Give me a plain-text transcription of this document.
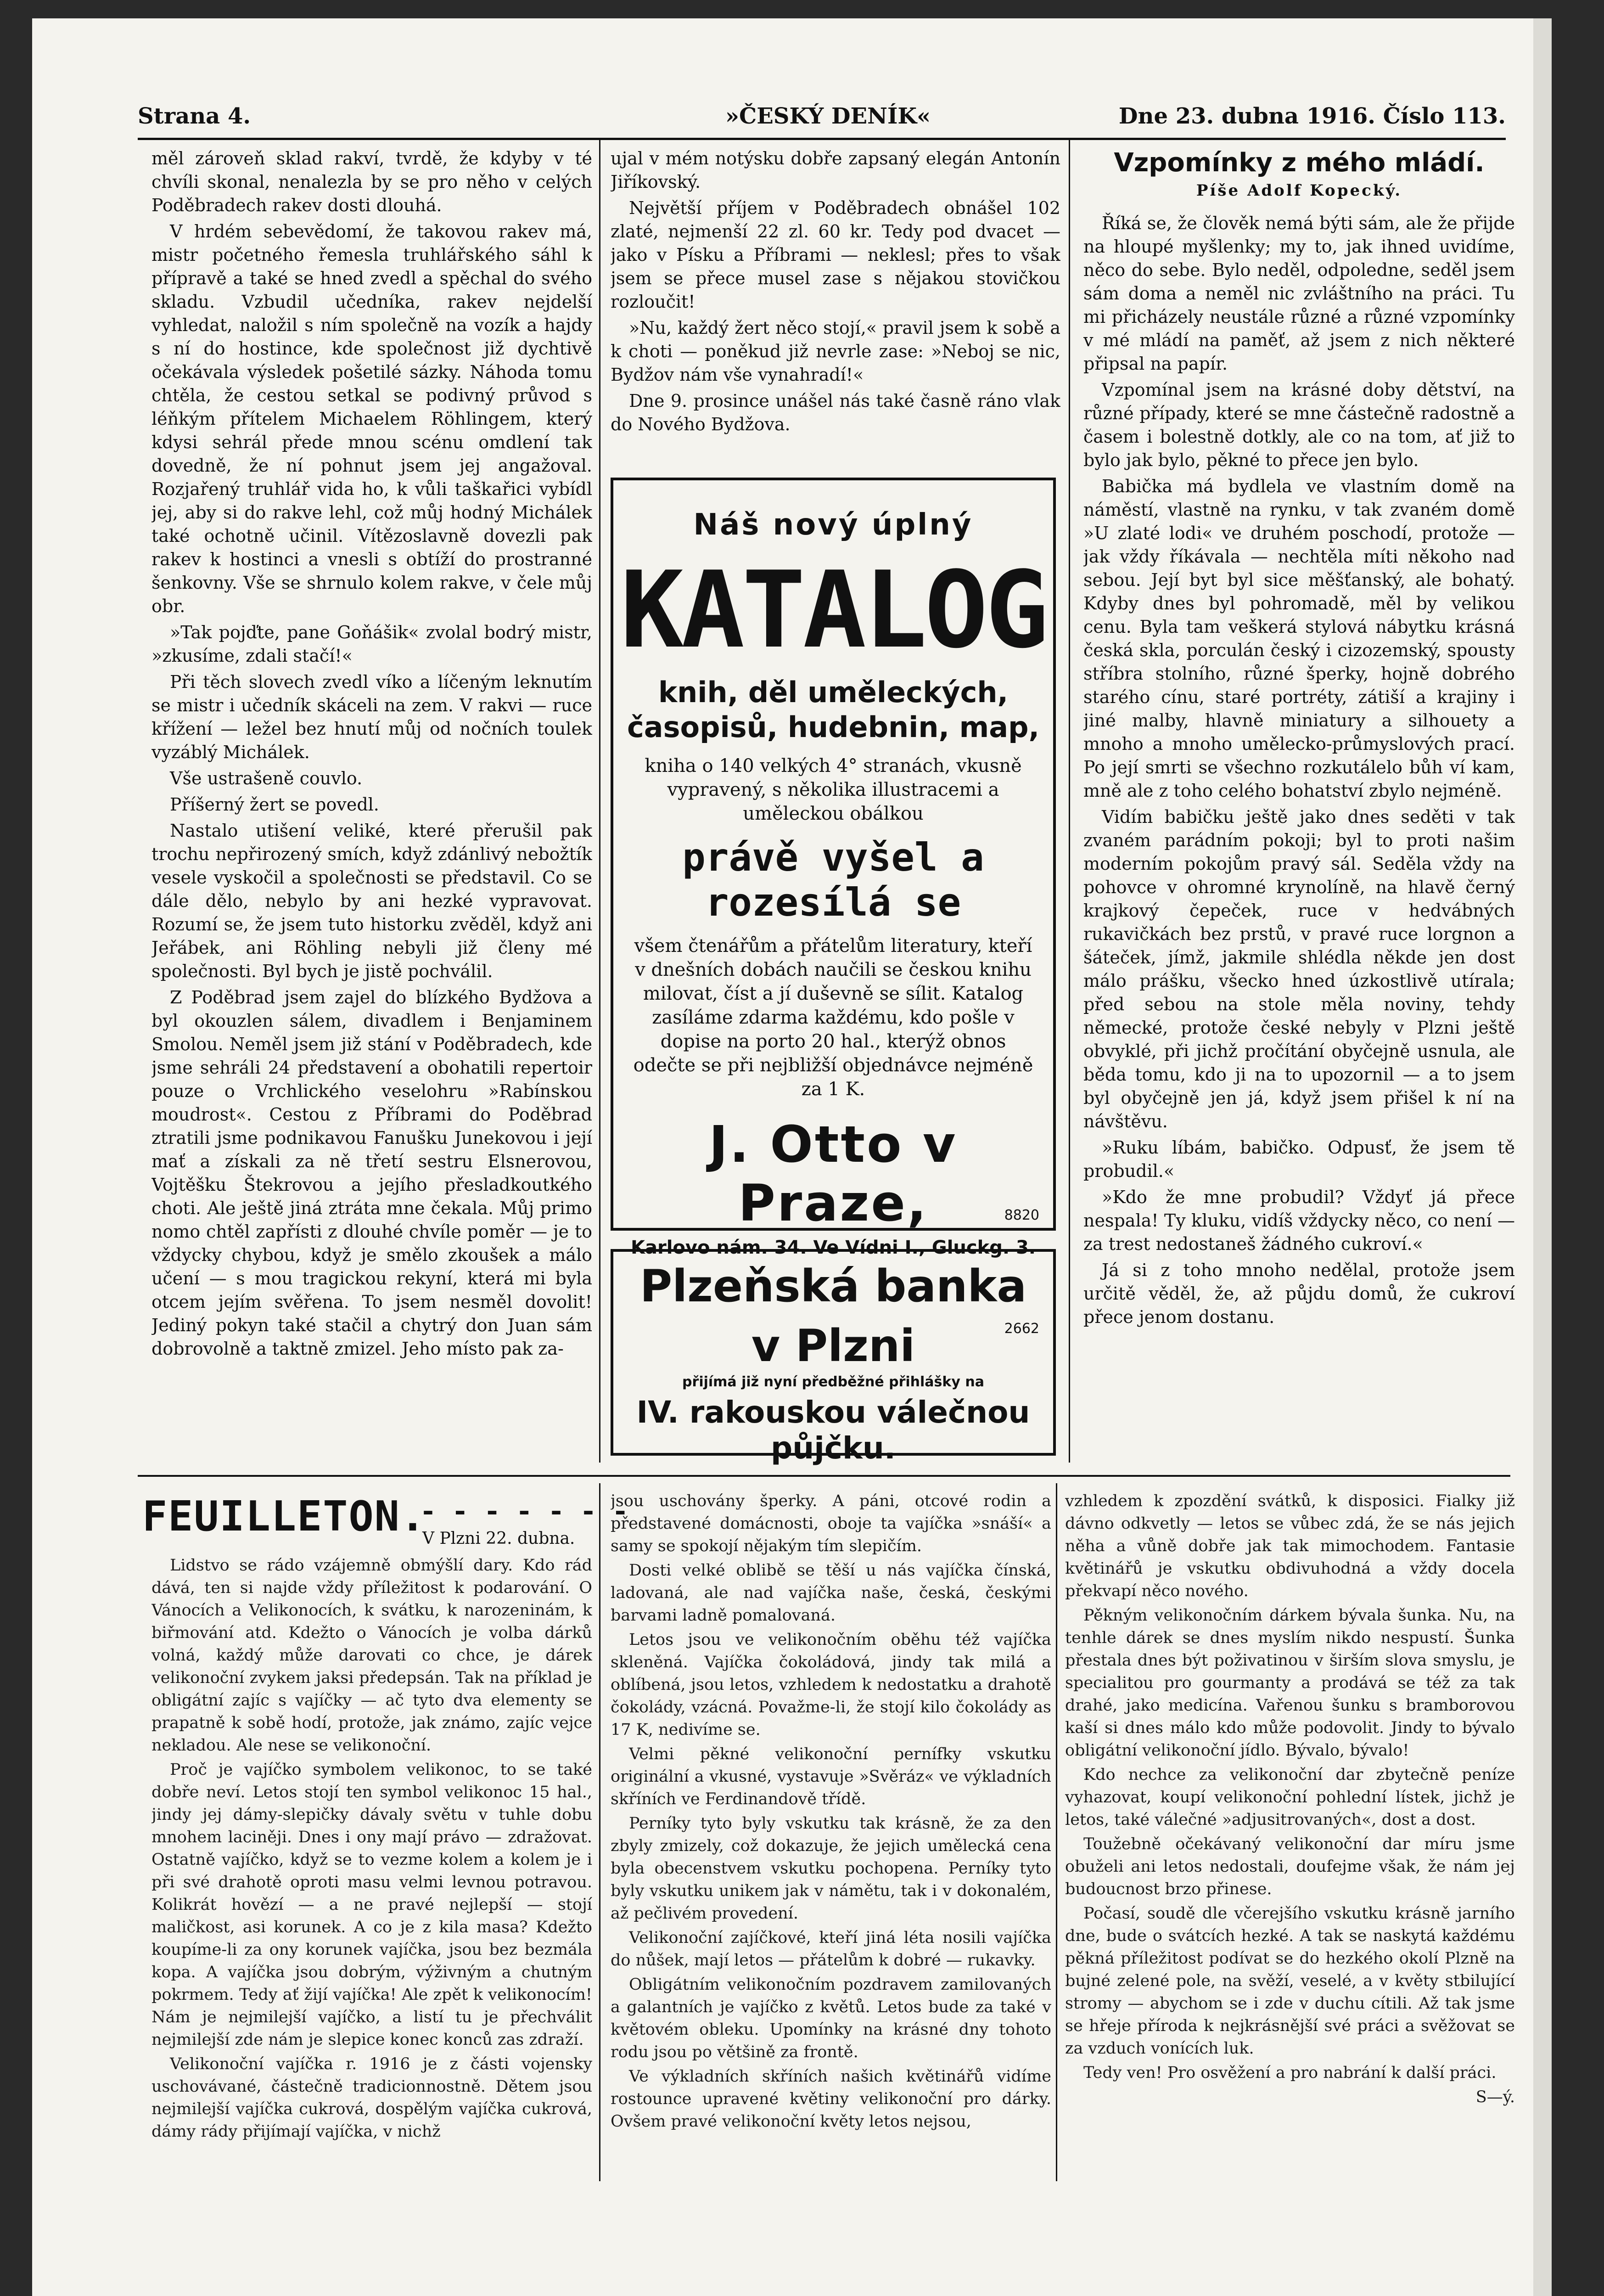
Strana 4.	»ČESKÝ DENÍK«	Dne 23. dubna 1916. Číslo 113.

měl zároveň sklad rakví, tvrdě, že kdyby v té chvíli skonal, nenalezla by se pro něho v celých Poděbradech rakev dosti dlouhá.

V hrdém sebevědomí, že takovou rakev má, mistr početného řemesla truhlářského sáhl k přípravě a také se hned zvedl a spěchal do svého skladu. Vzbudil učedníka, rakev nejdelší vyhledat, naložil s ním společně na vozík a hajdy s ní do hostince, kde společnost již dychtivě očekávala výsledek pošetilé sázky. Náhoda tomu chtěla, že cestou setkal se podivný průvod s léňkým přítelem Michaelem Röhlingem, který kdysi sehrál přede mnou scénu omdlení tak dovedně, že ní pohnut jsem jej angažoval. Rozjařený truhlář vida ho, k vůli taškařici vybídl jej, aby si do rakve lehl, což můj hodný Michálek také ochotně učinil. Vítězoslavně dovezli pak rakev k hostinci a vnesli s obtíží do prostranné šenkovny. Vše se shrnulo kolem rakve, v čele můj obr.

»Tak pojďte, pane Goňášik« zvolal bodrý mistr, »zkusíme, zdali stačí!«

Při těch slovech zvedl víko a líčeným leknutím se mistr i učedník skáceli na zem. V rakvi — ruce křížení — ležel bez hnutí můj od nočních toulek vyzáblý Michálek.

Vše ustrašeně couvlo.

Příšerný žert se povedl.

Nastalo utišení veliké, které přerušil pak trochu nepřirozený smích, když zdánlivý nebožtík vesele vyskočil a společnosti se představil. Co se dále dělo, nebylo by ani hezké vypravovat. Rozumí se, že jsem tuto historku zvěděl, když ani Jeřábek, ani Röhling nebyli již členy mé společnosti. Byl bych je jistě pochválil.

Z Poděbrad jsem zajel do blízkého Bydžova a byl okouzlen sálem, divadlem i Benjaminem Smolou. Neměl jsem již stání v Poděbradech, kde jsme sehráli 24 představení a obohatili repertoir pouze o Vrchlického veselohru »Rabínskou moudrost«. Cestou z Příbrami do Poděbrad ztratili jsme podnikavou Fanušku Junekovou i její mať a získali za ně třetí sestru Elsnerovou, Vojtěšku Štekrovou a jejího přesladkoutkého choti. Ale ještě jiná ztráta mne čekala. Můj primo nomo chtěl zapřísti z dlouhé chvíle poměr — je to vždycky chybou, když je smělo zkoušek a málo učení — s mou tragickou rekyní, která mi byla otcem jejím svěřena. To jsem nesměl dovolit! Jediný pokyn také stačil a chytrý don Juan sám dobrovolně a taktně zmizel. Jeho místo pak za-

ujal v mém notýsku dobře zapsaný elegán Antonín Jiříkovský.

Největší příjem v Poděbradech obnášel 102 zlaté, nejmenší 22 zl. 60 kr. Tedy pod dvacet — jako v Písku a Příbrami — neklesl; přes to však jsem se přece musel zase s nějakou stovičkou rozloučit!

»Nu, každý žert něco stojí,« pravil jsem k sobě a k choti — poněkud již nevrle zase: »Neboj se nic, Bydžov nám vše vynahradí!«

Dne 9. prosince unášel nás také časně ráno vlak do Nového Bydžova.

Náš nový úplný
KATALOG
knih, děl uměleckých, časopisů, hudebnin, map,
kniha o 140 velkých 4° stranách, vkusně vypravený, s několika illustracemi a uměleckou obálkou
právě vyšel a rozesílá se
všem čtenářům a přátelům literatury, kteří v dnešních dobách naučili se českou knihu milovat, číst a jí duševně se sílit. Katalog zasíláme zdarma každému, kdo pošle v dopise na porto 20 hal., kterýž obnos odečte se při nejbližší objednávce nejméně za 1 K.
J. Otto v Praze,
Karlovo nám. 34. Ve Vídni I., Gluckg. 3.
8820
Plzeňská banka
v Plzni
přijímá již nyní předběžné přihlášky na
IV. rakouskou válečnou půjčku.
2662
Vzpomínky z mého mládí.
Píše Adolf Kopecký.

Říká se, že člověk nemá býti sám, ale že přijde na hloupé myšlenky; my to, jak ihned uvidíme, něco do sebe. Bylo neděl, odpoledne, seděl jsem sám doma a neměl nic zvláštního na práci. Tu mi přicházely neustále různé a různé vzpomínky v mé mládí na paměť, až jsem z nich některé připsal na papír.

Vzpomínal jsem na krásné doby dětství, na různé případy, které se mne částečně radostně a časem i bolestně dotkly, ale co na tom, ať již to bylo jak bylo, pěkné to přece jen bylo.

Babička má bydlela ve vlastním domě na náměstí, vlastně na rynku, v tak zvaném domě »U zlaté lodi« ve druhém poschodí, protože — jak vždy říkávala — nechtěla míti někoho nad sebou. Její byt byl sice měšťanský, ale bohatý. Kdyby dnes byl pohromadě, měl by velikou cenu. Byla tam veškerá stylová nábytku krásná česká skla, porculán český i cizozemský, spousty stříbra stolního, různé šperky, hojně dobrého starého cínu, staré portréty, zátiší a krajiny i jiné malby, hlavně miniatury a silhouety a mnoho a mnoho umělecko-průmyslových prací. Po její smrti se všechno rozkutálelo bůh ví kam, mně ale z toho celého bohatství zbylo nejméně.

Vidím babičku ještě jako dnes seděti v tak zvaném parádním pokoji; byl to proti našim moderním pokojům pravý sál. Seděla vždy na pohovce v ohromné krynolíně, na hlavě černý krajkový čepeček, ruce v hedvábných rukavičkách bez prstů, v pravé ruce lorgnon a šáteček, jímž, jakmile shlédla někde jen dost málo prášku, všecko hned úzkostlivě utírala; před sebou na stole měla noviny, tehdy německé, protože české nebyly v Plzni ještě obvyklé, při jichž pročítání obyčejně usnula, ale běda tomu, kdo ji na to upozornil — a to jsem byl obyčejně jen já, když jsem přišel k ní na návštěvu.

»Ruku líbám, babičko. Odpusť, že jsem tě probudil.«

»Kdo že mne probudil? Vždyť já přece nespala! Ty kluku, vidíš vždycky něco, co není — za trest nedostaneš žádného cukroví.«

Já si z toho mnoho nedělal, protože jsem určitě věděl, že, až půjdu domů, že cukroví přece jenom dostanu.

FEUILLETON.
- - - - - - -
V Plzni 22. dubna.

Lidstvo se rádo vzájemně obmýšlí dary. Kdo rád dává, ten si najde vždy příležitost k podarování. O Vánocích a Velikonocích, k svátku, k narozeninám, k biřmování atd. Kdežto o Vánocích je volba dárků volná, každý může darovati co chce, je dárek velikonoční zvykem jaksi předepsán. Tak na příklad je obligátní zajíc s vajíčky — ač tyto dva elementy se prapatně k sobě hodí, protože, jak známo, zajíc vejce nekladou. Ale nese se velikonoční.

Proč je vajíčko symbolem velikonoc, to se také dobře neví. Letos stojí ten symbol velikonoc 15 hal., jindy jej dámy-slepičky dávaly světu v tuhle dobu mnohem laciněji. Dnes i ony mají právo — zdražovat. Ostatně vajíčko, když se to vezme kolem a kolem je i při své drahotě oproti masu velmi levnou potravou. Kolikrát hovězí — a ne pravé nejlepší — stojí maličkost, asi korunek. A co je z kila masa? Kdežto koupíme-li za ony korunek vajíčka, jsou bez bezmála kopa. A vajíčka jsou dobrým, výživným a chutným pokrmem. Tedy ať žijí vajíčka! Ale zpět k velikonocím! Nám je nejmilejší vajíčko, a listí tu je přechválit nejmilejší zde nám je slepice konec konců zas zdraží.

Velikonoční vajíčka r. 1916 je z části vojensky uschovávané, částečně tradicionnostně. Dětem jsou nejmilejší vajíčka cukrová, dospělým vajíčka cukrová, dámy rády přijímají vajíčka, v nichž

jsou uschovány šperky. A páni, otcové rodin a představené domácnosti, oboje ta vajíčka »snáší« a samy se spokojí nějakým tím slepičím.

Dosti velké oblibě se těší u nás vajíčka čínská, ladovaná, ale nad vajíčka naše, česká, českými barvami ladně pomalovaná.

Letos jsou ve velikonočním oběhu též vajíčka skleněná. Vajíčka čokoládová, jindy tak milá a oblíbená, jsou letos, vzhledem k nedostatku a drahotě čokolády, vzácná. Považme-li, že stojí kilo čokolády as 17 K, nedivíme se.

Velmi pěkné velikonoční pernífky vskutku originální a vkusné, vystavuje »Svěráz« ve výkladních skříních ve Ferdinandově třídě.

Perníky tyto byly vskutku tak krásně, že za den zbyly zmizely, což dokazuje, že jejich umělecká cena byla obecenstvem vskutku pochopena. Perníky tyto byly vskutku unikem jak v námětu, tak i v dokonalém, až pečlivém provedení.

Velikonoční zajíčkové, kteří jiná léta nosili vajíčka do nůšek, mají letos — přátelům k dobré — rukavky.

Obligátním velikonočním pozdravem zamilovaných a galantních je vajíčko z květů. Letos bude za také v květovém obleku. Upomínky na krásné dny tohoto rodu jsou po většině za frontě.

Ve výkladních skříních našich květinářů vidíme rostounce upravené květiny velikonoční pro dárky. Ovšem pravé velikonoční květy letos nejsou,

vzhledem k zpozdění svátků, k disposici. Fialky již dávno odkvetly — letos se vůbec zdá, že se nás jejich něha a vůně dobře jak tak mimochodem. Fantasie květinářů je vskutku obdivuhodná a vždy docela překvapí něco nového.

Pěkným velikonočním dárkem bývala šunka. Nu, na tenhle dárek se dnes myslím nikdo nespustí. Šunka přestala dnes být poživatinou v širším slova smyslu, je specialitou pro gourmanty a prodává se též za tak drahé, jako medicína. Vařenou šunku s bramborovou kaší si dnes málo kdo může podovolit. Jindy to bývalo obligátní velikonoční jídlo. Bývalo, bývalo!

Kdo nechce za velikonoční dar zbytečně peníze vyhazovat, koupí velikonoční pohlední lístek, jichž je letos, také válečné »adjusitrovaných«, dost a dost.

Toužebně očekávaný velikonoční dar míru jsme obuželi ani letos nedostali, doufejme však, že nám jej budoucnost brzo přinese.

Počasí, soudě dle včerejšího vskutku krásně jarního dne, bude o svátcích hezké. A tak se naskytá každému pěkná příležitost podívat se do hezkého okolí Plzně na bujné zelené pole, na svěží, veselé, a v květy stbilující stromy — abychom se i zde v duchu cítili. Až tak jsme se hřeje příroda k nejkrásnější své práci a svěžovat se za vzduch vonících luk.

Tedy ven! Pro osvěžení a pro nabrání k další práci.

S—ý.
